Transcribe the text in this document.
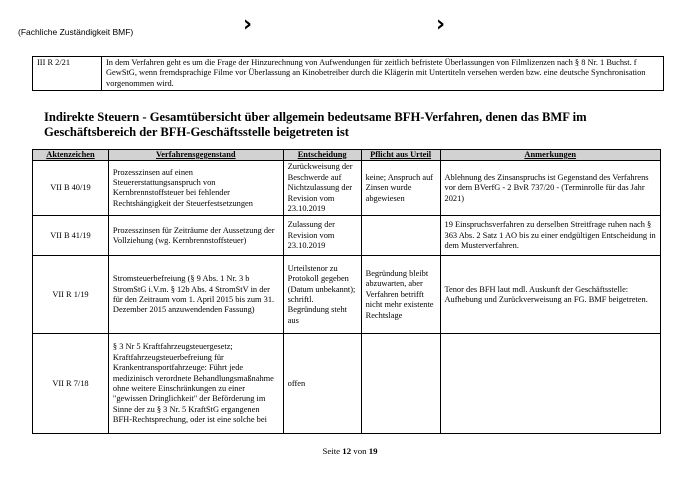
(Fachliche Zuständigkeit BMF)	›	›
III R 2/21	In dem Verfahren geht es um die Frage der Hinzurechnung von Aufwendungen für zeitlich befristete Überlassungen von Filmlizenzen nach § 8 Nr. 1 Buchst. f GewStG, wenn fremdsprachige Filme vor Überlassung an Kinobetreiber durch die Klägerin mit Untertiteln versehen werden bzw. eine deutsche Synchronisation vorgenommen wird.
Indirekte Steuern - Gesamtübersicht über allgemein bedeutsame BFH-Verfahren, denen das BMF im Geschäftsbereich der BFH-Geschäftsstelle beigetreten ist
Aktenzeichen	Verfahrensgegenstand	Entscheidung	Pflicht aus Urteil	Anmerkungen
VII B 40/19	Prozesszinsen auf einen Steuererstattungsanspruch von Kernbrennstoffsteuer bei fehlender Rechtshängigkeit der Steuerfestsetzungen	Zurückweisung der Beschwerde auf Nichtzulassung der Revision vom 23.10.2019	keine; Anspruch auf Zinsen wurde abgewiesen	Ablehnung des Zinsanspruchs ist Gegenstand des Verfahrens vor dem BVerfG - 2 BvR 737/20 - (Terminrolle für das Jahr 2021)
VII B 41/19	Prozesszinsen für Zeiträume der Aussetzung der Vollziehung (wg. Kernbrennstoffsteuer)	Zulassung der Revision vom 23.10.2019		19 Einspruchsverfahren zu derselben Streitfrage ruhen nach § 363 Abs. 2 Satz 1 AO bis zu einer endgültigen Entscheidung in dem Musterverfahren.
VII R 1/19	Stromsteuerbefreiung (§ 9 Abs. 1 Nr. 3 b StromStG i.V.m. § 12b Abs. 4 StromStV in der für den Zeitraum vom 1. April 2015 bis zum 31. Dezember 2015 anzuwendenden Fassung)	Urteilstenor zu Protokoll gegeben (Datum unbekannt); schriftl. Begründung steht aus	Begründung bleibt abzuwarten, aber Verfahren betrifft nicht mehr existente Rechtslage	Tenor des BFH laut mdl. Auskunft der Geschäftsstelle: Aufhebung und Zurückverweisung an FG. BMF beigetreten.
VII R 7/18	§ 3 Nr 5 Kraftfahrzeugsteuergesetz; Kraftfahrzeugsteuerbefreiung für Krankentransportfahrzeuge: Führt jede medizinisch verordnete Behandlungsmaßnahme ohne weitere Einschränkungen zu einer "gewissen Dringlichkeit" der Beförderung im Sinne der zu § 3 Nr. 5 KraftStG ergangenen BFH-Rechtsprechung, oder ist eine solche bei	offen		
Seite 12 von 19
